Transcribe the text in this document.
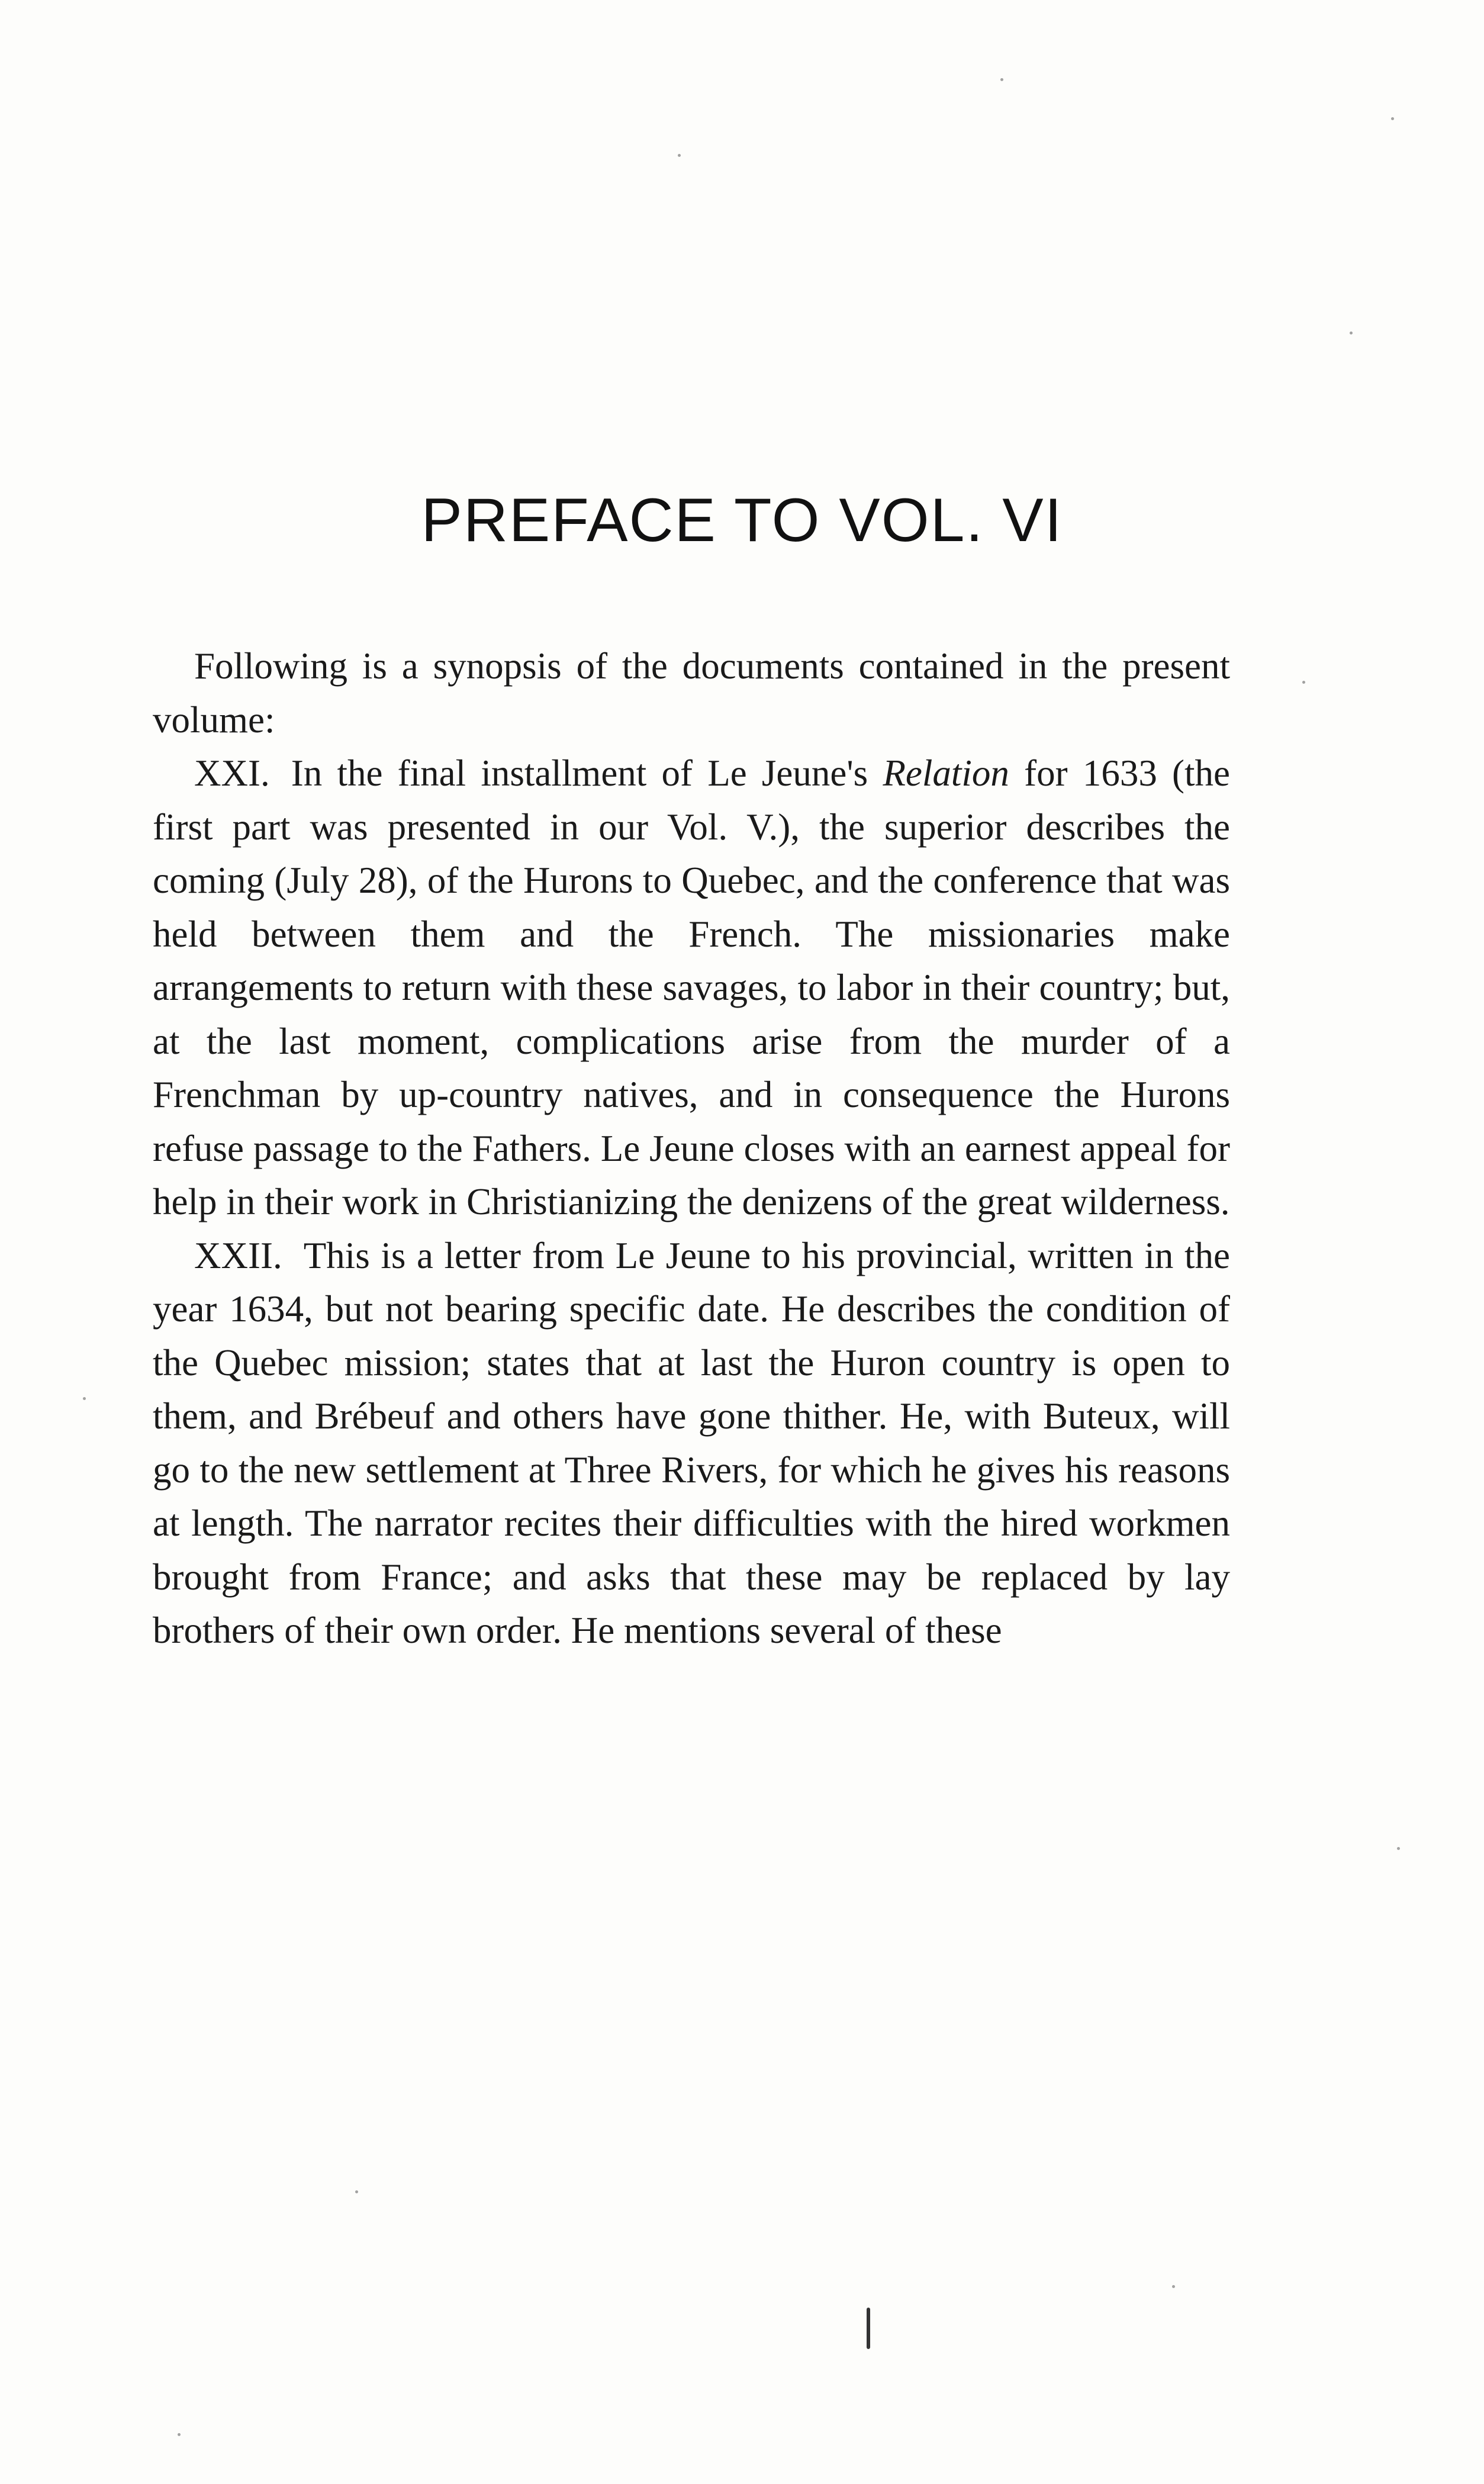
PREFACE TO VOL. VI

Following is a synopsis of the documents contained in the present volume:

XXI. In the final installment of Le Jeune's Relation for 1633 (the first part was presented in our Vol. V.), the superior describes the coming (July 28), of the Hurons to Quebec, and the conference that was held between them and the French. The missionaries make arrangements to return with these savages, to labor in their country; but, at the last moment, complications arise from the murder of a Frenchman by up-country natives, and in consequence the Hurons refuse passage to the Fathers. Le Jeune closes with an earnest appeal for help in their work in Christianizing the denizens of the great wilderness.

XXII. This is a letter from Le Jeune to his provincial, written in the year 1634, but not bearing specific date. He describes the condition of the Quebec mission; states that at last the Huron country is open to them, and Brébeuf and others have gone thither. He, with Buteux, will go to the new settlement at Three Rivers, for which he gives his reasons at length. The narrator recites their difficulties with the hired workmen brought from France; and asks that these may be replaced by lay brothers of their own order. He mentions several of these
